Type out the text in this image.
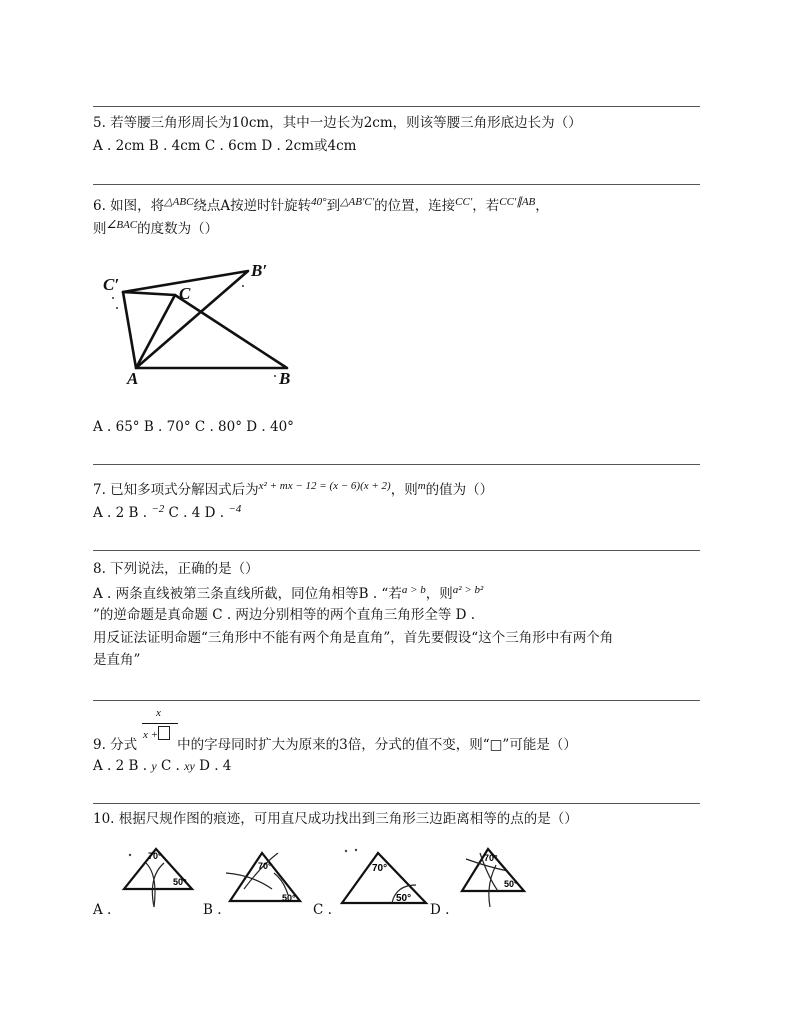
5. 若等腰三角形周长为10cm，其中一边长为2cm，则该等腰三角形底边长为（）
A . 2cm B . 4cm C . 6cm D . 2cm或4cm
6. 如图，将$^{\triangle ABC}$绕点A按逆时针旋转$^{40^\circ}$到$^{\triangle AB'C'}$的位置，连接$^{CC'}$，若$^{CC'\parallel AB}$，
则$^{\angle BAC}$的度数为（）
C′	C
B′
A	B
A . 65° B . 70° C . 80° D . 40°
7. 已知多项式分解因式后为$^{x^2 + mx - 12 = (x - 6)(x + 2)}$，则$^m$的值为（）
A . 2 B . $^{-2}$ C . 4 D . $^{-4}$
8. 下列说法，正确的是（）
A . 两条直线被第三条直线所截，同位角相等B . “若$^{a > b}$，则$^{a^2 > b^2}$
”的逆命题是真命题 C . 两边分别相等的两个直角三角形全等 D .
用反证法证明命题“三角形中不能有两个角是直角”，首先要假设“这个三角形中有两个角
是直角”
x
x +
9. 分式	中的字母同时扩大为原来的3倍，分式的值不变，则“□”可能是（）
A . 2 B . y C . xy D . 4
10. 根据尺规作图的痕迹，可用直尺成功找出到三角形三边距离相等的点的是（）
70°
50°
70°
50°
70°
50°
70°
50°
A .	B .	C .	D .
